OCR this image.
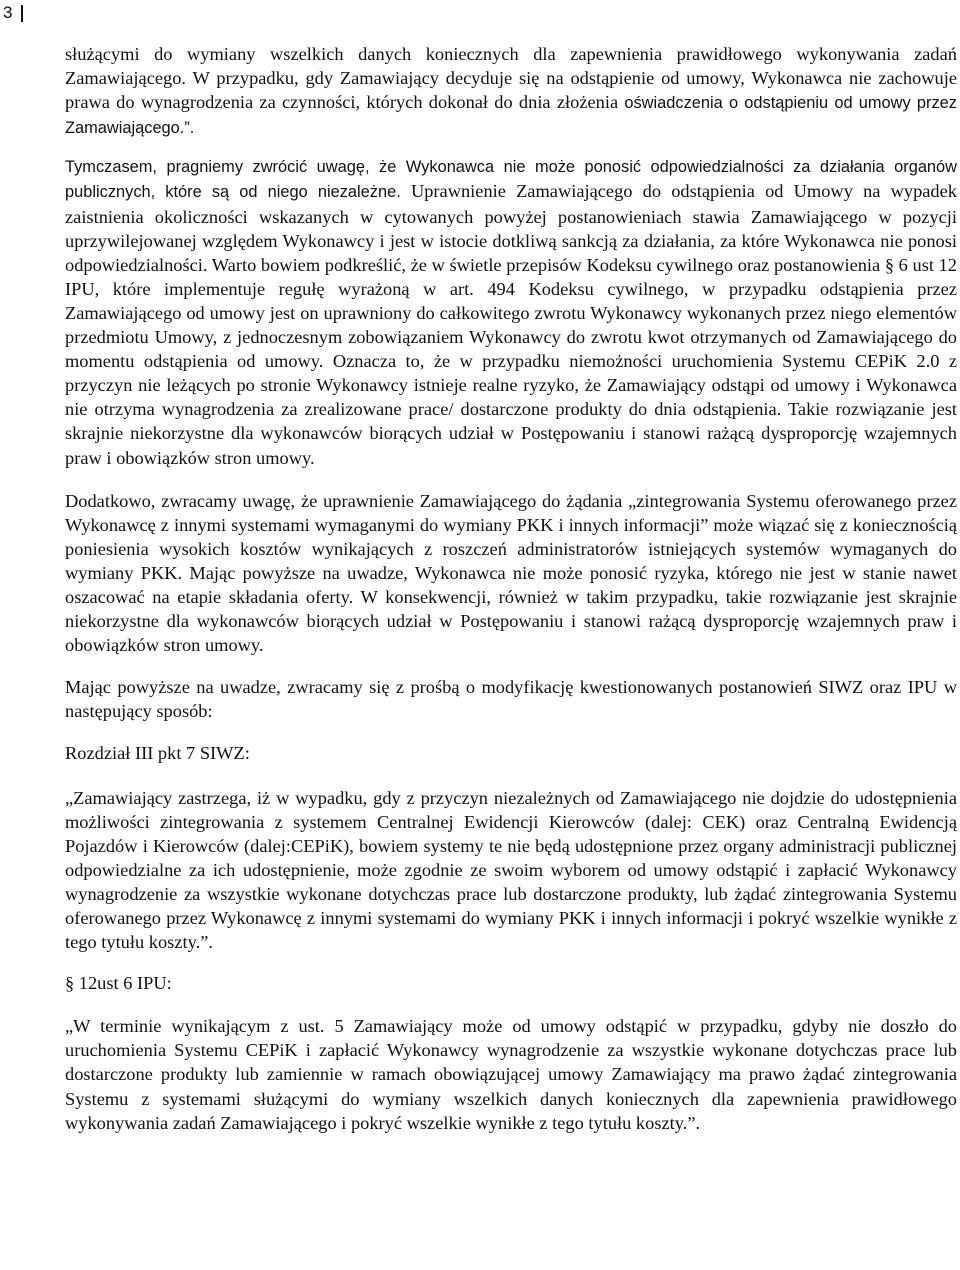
3

służącymi do wymiany wszelkich danych koniecznych dla zapewnienia prawidłowego wykonywania zadań Zamawiającego. W przypadku, gdy Zamawiający decyduje się na odstąpienie od umowy, Wykonawca nie zachowuje prawa do wynagrodzenia za czynności, których dokonał do dnia złożenia oświadczenia o odstąpieniu od umowy przez Zamawiającego.”.

Tymczasem, pragniemy zwrócić uwagę, że Wykonawca nie może ponosić odpowiedzialności za działania organów publicznych, które są od niego niezależne. Uprawnienie Zamawiającego do odstąpienia od Umowy na wypadek zaistnienia okoliczności wskazanych w cytowanych powyżej postanowieniach stawia Zamawiającego w pozycji uprzywilejowanej względem Wykonawcy i jest w istocie dotkliwą sankcją za działania, za które Wykonawca nie ponosi odpowiedzialności. Warto bowiem podkreślić, że w świetle przepisów Kodeksu cywilnego oraz postanowienia § 6 ust 12 IPU, które implementuje regułę wyrażoną w art. 494 Kodeksu cywilnego, w przypadku odstąpienia przez Zamawiającego od umowy jest on uprawniony do całkowitego zwrotu Wykonawcy wykonanych przez niego elementów przedmiotu Umowy, z jednoczesnym zobowiązaniem Wykonawcy do zwrotu kwot otrzymanych od Zamawiającego do momentu odstąpienia od umowy. Oznacza to, że w przypadku niemożności uruchomienia Systemu CEPiK 2.0 z przyczyn nie leżących po stronie Wykonawcy istnieje realne ryzyko, że Zamawiający odstąpi od umowy i Wykonawca nie otrzyma wynagrodzenia za zrealizowane prace/ dostarczone produkty do dnia odstąpienia. Takie rozwiązanie jest skrajnie niekorzystne dla wykonawców biorących udział w Postępowaniu i stanowi rażącą dysproporcję wzajemnych praw i obowiązków stron umowy.

Dodatkowo, zwracamy uwagę, że uprawnienie Zamawiającego do żądania „zintegrowania Systemu oferowanego przez Wykonawcę z innymi systemami wymaganymi do wymiany PKK i innych informacji” może wiązać się z koniecznością poniesienia wysokich kosztów wynikających z roszczeń administratorów istniejących systemów wymaganych do wymiany PKK. Mając powyższe na uwadze, Wykonawca nie może ponosić ryzyka, którego nie jest w stanie nawet oszacować na etapie składania oferty. W konsekwencji, również w takim przypadku, takie rozwiązanie jest skrajnie niekorzystne dla wykonawców biorących udział w Postępowaniu i stanowi rażącą dysproporcję wzajemnych praw i obowiązków stron umowy.

Mając powyższe na uwadze, zwracamy się z prośbą o modyfikację kwestionowanych postanowień SIWZ oraz IPU w następujący sposób:

Rozdział III pkt 7 SIWZ:

„Zamawiający zastrzega, iż w wypadku, gdy z przyczyn niezależnych od Zamawiającego nie dojdzie do udostępnienia możliwości zintegrowania z systemem Centralnej Ewidencji Kierowców (dalej: CEK) oraz Centralną Ewidencją Pojazdów i Kierowców (dalej:CEPiK), bowiem systemy te nie będą udostępnione przez organy administracji publicznej odpowiedzialne za ich udostępnienie, może zgodnie ze swoim wyborem od umowy odstąpić i zapłacić Wykonawcy wynagrodzenie za wszystkie wykonane dotychczas prace lub dostarczone produkty, lub żądać zintegrowania Systemu oferowanego przez Wykonawcę z innymi systemami do wymiany PKK i innych informacji i pokryć wszelkie wynikłe z tego tytułu koszty.”.

§ 12ust 6 IPU:

„W terminie wynikającym z ust. 5 Zamawiający może od umowy odstąpić w przypadku, gdyby nie doszło do uruchomienia Systemu CEPiK i zapłacić Wykonawcy wynagrodzenie za wszystkie wykonane dotychczas prace lub dostarczone produkty lub zamiennie w ramach obowiązującej umowy Zamawiający ma prawo żądać zintegrowania Systemu z systemami służącymi do wymiany wszelkich danych koniecznych dla zapewnienia prawidłowego wykonywania zadań Zamawiającego i pokryć wszelkie wynikłe z tego tytułu koszty.”.
